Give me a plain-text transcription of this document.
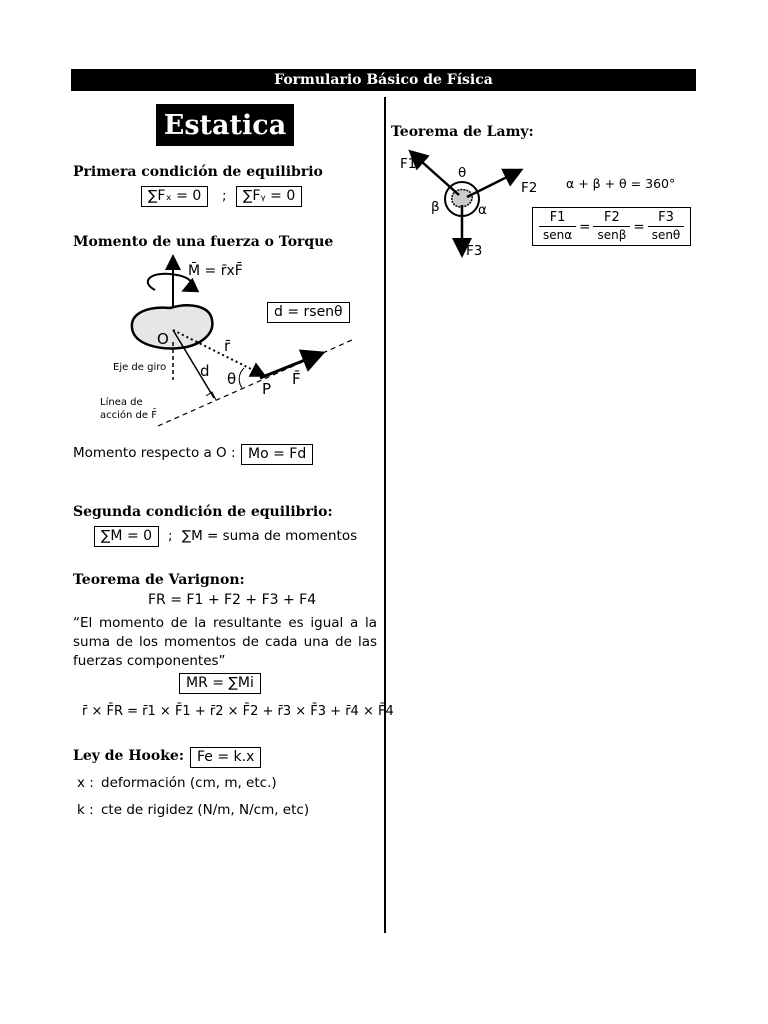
Formulario Básico de Física
Estatica
Primera condición de equilibrio
∑Fₓ = 0	;	∑Fᵧ = 0
Momento de una fuerza o Torque
M̄ = r̄xF̄
d = rsenθ
O	r̄
d θ
P
F̄
Eje de giro
Línea de
acción de F̄
Momento respecto a O : Mo = Fd
Segunda condición de equilibrio:
∑M = 0	; ∑M = suma de momentos
Teorema de Varignon:
FR = F1 + F2 + F3 + F4
“El momento de la resultante es igual a la suma de los momentos de cada una de las fuerzas componentes”
MR = ∑Mi
r̄ × F̄R = r̄1 × F̄1 + r̄2 × F̄2 + r̄3 × F̄3 + r̄4 × F̄4
Ley de Hooke: Fe = k.x
x : deformación (cm, m, etc.)
k : cte de rigidez (N/m, N/cm, etc)
Teorema de Lamy:
F1
θ
F2
β	α
F3
α + β + θ = 360°
$\frac{F1}{\text{senα}} = \frac{F2}{\text{senβ}} = \frac{F3}{\text{senθ}}$
